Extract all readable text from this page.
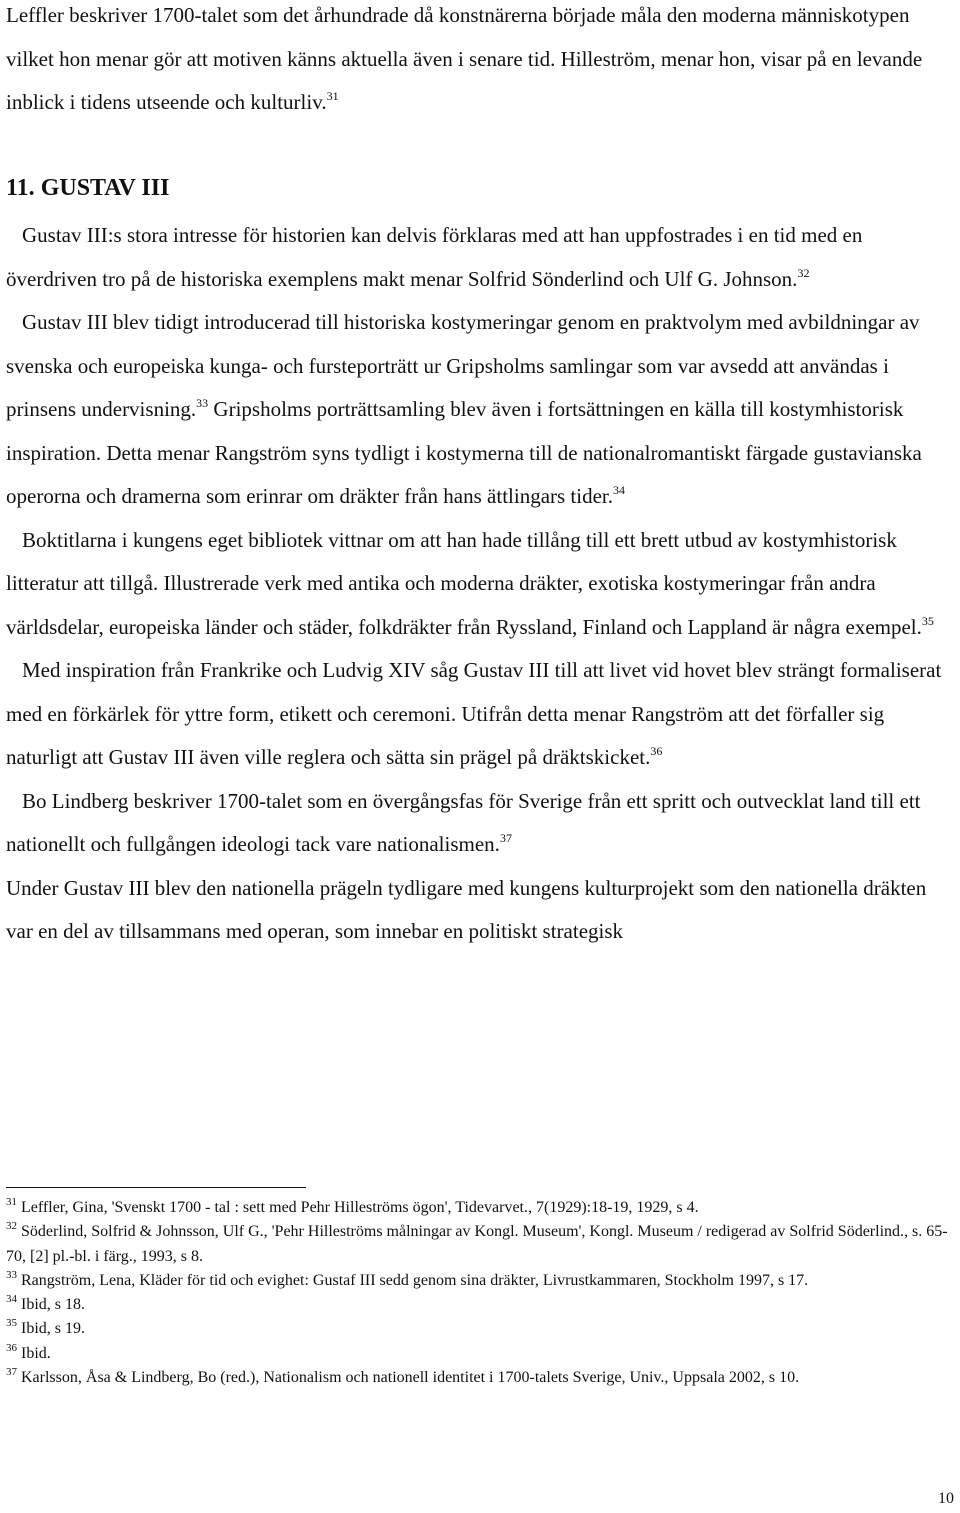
Leffler beskriver 1700-talet som det århundrade då konstnärerna började måla den moderna människotypen vilket hon menar gör att motiven känns aktuella även i senare tid. Hilleström, menar hon, visar på en levande inblick i tidens utseende och kulturliv.$^{31}$

11. GUSTAV III

Gustav III:s stora intresse för historien kan delvis förklaras med att han uppfostrades i en tid med en överdriven tro på de historiska exemplens makt menar Solfrid Sönderlind och Ulf G. Johnson.$^{32}$

Gustav III blev tidigt introducerad till historiska kostymeringar genom en praktvolym med avbildningar av svenska och europeiska kunga- och fursteporträtt ur Gripsholms samlingar som var avsedd att användas i prinsens undervisning.$^{33}$ Gripsholms porträttsamling blev även i fortsättningen en källa till kostymhistorisk inspiration. Detta menar Rangström syns tydligt i kostymerna till de nationalromantiskt färgade gustavianska operorna och dramerna som erinrar om dräkter från hans ättlingars tider.$^{34}$

Boktitlarna i kungens eget bibliotek vittnar om att han hade tillång till ett brett utbud av kostymhistorisk litteratur att tillgå. Illustrerade verk med antika och moderna dräkter, exotiska kostymeringar från andra världsdelar, europeiska länder och städer, folkdräkter från Ryssland, Finland och Lappland är några exempel.$^{35}$

Med inspiration från Frankrike och Ludvig XIV såg Gustav III till att livet vid hovet blev strängt formaliserat med en förkärlek för yttre form, etikett och ceremoni. Utifrån detta menar Rangström att det förfaller sig naturligt att Gustav III även ville reglera och sätta sin prägel på dräktskicket.$^{36}$

Bo Lindberg beskriver 1700-talet som en övergångsfas för Sverige från ett spritt och outvecklat land till ett nationellt och fullgången ideologi tack vare nationalismen.$^{37}$

Under Gustav III blev den nationella prägeln tydligare med kungens kulturprojekt som den nationella dräkten var en del av tillsammans med operan, som innebar en politiskt strategisk

$^{31}$ Leffler, Gina, 'Svenskt 1700 - tal : sett med Pehr Hilleströms ögon', Tidevarvet., 7(1929):18-19, 1929, s 4.

$^{32}$ Söderlind, Solfrid & Johnsson, Ulf G., 'Pehr Hilleströms målningar av Kongl. Museum', Kongl. Museum / redigerad av Solfrid Söderlind., s. 65-70, [2] pl.-bl. i färg., 1993, s 8.

$^{33}$ Rangström, Lena, Kläder för tid och evighet: Gustaf III sedd genom sina dräkter, Livrustkammaren, Stockholm 1997, s 17.

$^{34}$ Ibid, s 18.

$^{35}$ Ibid, s 19.

$^{36}$ Ibid.

$^{37}$ Karlsson, Åsa & Lindberg, Bo (red.), Nationalism och nationell identitet i 1700-talets Sverige, Univ., Uppsala 2002, s 10.

10
